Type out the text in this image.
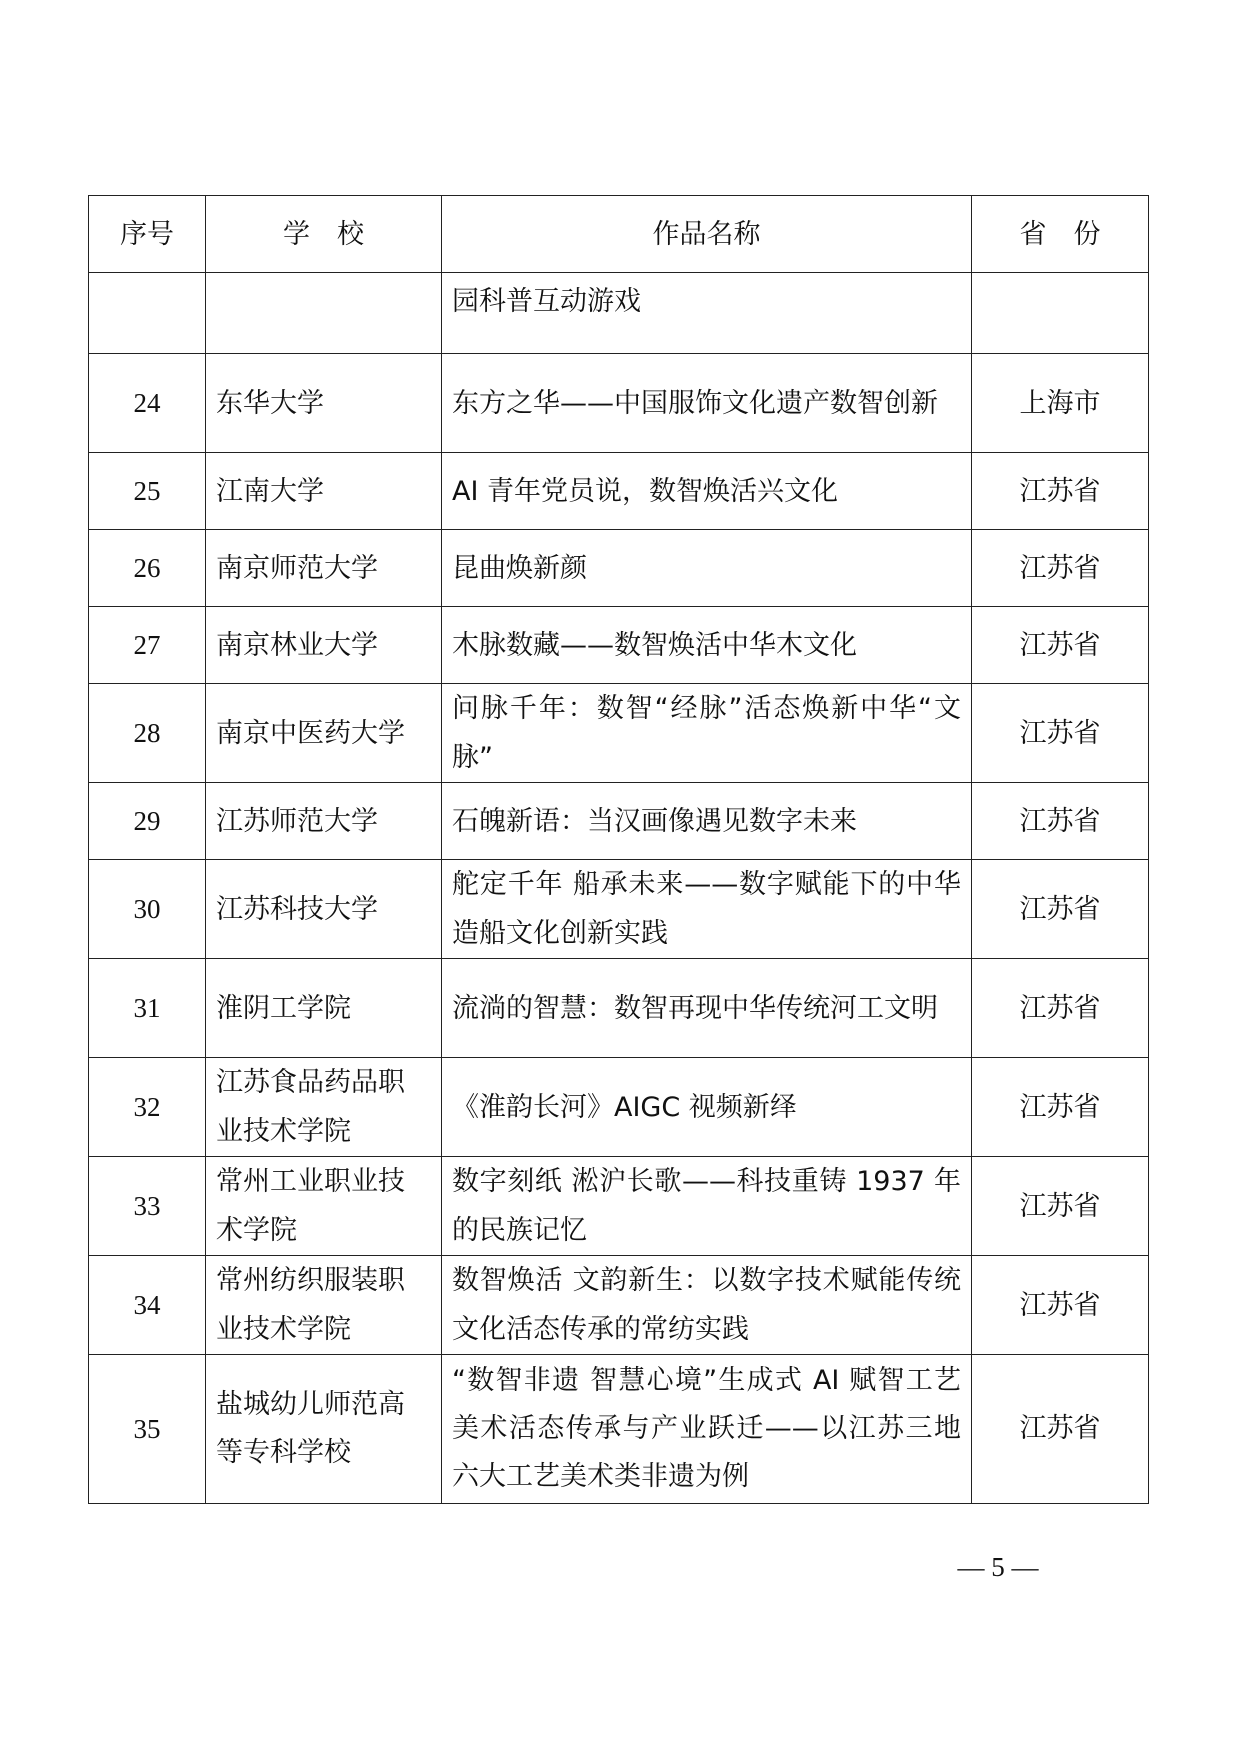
序号	学　校	作品名称	省　份
		园科普互动游戏	
24	东华大学	东方之华——中国服饰文化遗产数智创新	上海市
25	江南大学	AI 青年党员说，数智焕活兴文化	江苏省
26	南京师范大学	昆曲焕新颜	江苏省
27	南京林业大学	木脉数藏——数智焕活中华木文化	江苏省
28	南京中医药大学	问脉千年：数智“经脉”活态焕新中华“文脉”	江苏省
29	江苏师范大学	石魄新语：当汉画像遇见数字未来	江苏省
30	江苏科技大学	舵定千年 船承未来——数字赋能下的中华造船文化创新实践	江苏省
31	淮阴工学院	流淌的智慧：数智再现中华传统河工文明	江苏省
32	江苏食品药品职业技术学院	《淮韵长河》AIGC 视频新绎	江苏省
33	常州工业职业技术学院	数字刻纸 淞沪长歌——科技重铸 1937 年的民族记忆	江苏省
34	常州纺织服装职业技术学院	数智焕活 文韵新生：以数字技术赋能传统文化活态传承的常纺实践	江苏省
35	盐城幼儿师范高等专科学校	“数智非遗 智慧心境”生成式 AI 赋智工艺美术活态传承与产业跃迁——以江苏三地六大工艺美术类非遗为例	江苏省
— 5 —
